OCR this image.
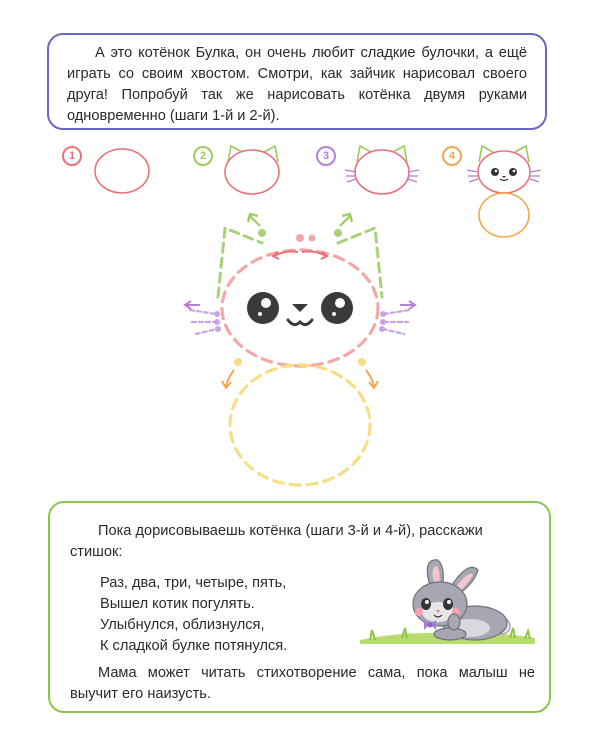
А это котёнок Булка, он очень любит сладкие булочки, а ещё играть со своим хвостом. Смотри, как зайчик нарисовал своего друга! Попробуй так же нарисовать котёнка двумя руками одновременно (шаги 1-й и 2-й).

1	2	3	4

Пока дорисовываешь котёнка (шаги 3-й и 4-й), расскажи стишок:

Раз, два, три, четыре, пять,
Вышел котик погулять.
Улыбнулся, облизнулся,
К сладкой булке потянулся.

Мама может читать стихотворение сама, пока малыш не выучит его наизусть.
